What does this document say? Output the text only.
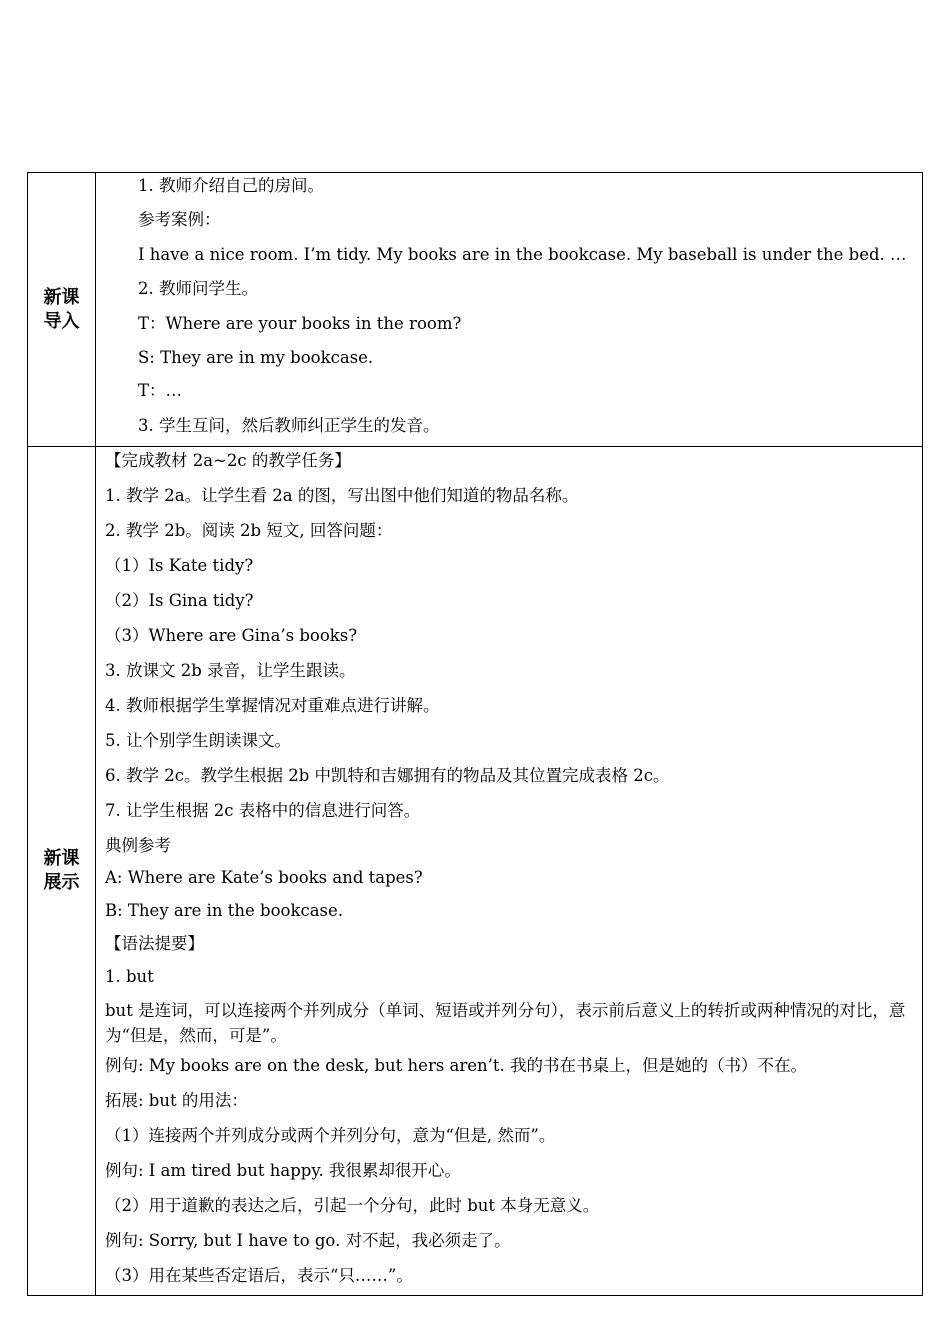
新课导入
1. 教师介绍自己的房间。
参考案例：
I have a nice room. I’m tidy. My books are in the bookcase. My baseball is under the bed. …
2. 教师问学生。
T：Where are your books in the room?
S: They are in my bookcase.
T：…
3. 学生互问，然后教师纠正学生的发音。
新课展示
【完成教材 2a~2c 的教学任务】
1. 教学 2a。让学生看 2a 的图，写出图中他们知道的物品名称。
2. 教学 2b。阅读 2b 短文, 回答问题：
（1）Is Kate tidy?
（2）Is Gina tidy?
（3）Where are Gina’s books?
3. 放课文 2b 录音，让学生跟读。
4. 教师根据学生掌握情况对重难点进行讲解。
5. 让个别学生朗读课文。
6. 教学 2c。教学生根据 2b 中凯特和吉娜拥有的物品及其位置完成表格 2c。
7. 让学生根据 2c 表格中的信息进行问答。
典例参考
A: Where are Kate’s books and tapes?
B: They are in the bookcase.
【语法提要】
1. but
but 是连词，可以连接两个并列成分（单词、短语或并列分句），表示前后意义上的转折或两种情况的对比，意为“但是，然而，可是”。
例句: My books are on the desk, but hers aren’t. 我的书在书桌上，但是她的（书）不在。
拓展: but 的用法：
（1）连接两个并列成分或两个并列分句，意为“但是, 然而”。
例句: I am tired but happy. 我很累却很开心。
（2）用于道歉的表达之后，引起一个分句，此时 but 本身无意义。
例句: Sorry, but I have to go. 对不起，我必须走了。
（3）用在某些否定语后，表示“只……”。
